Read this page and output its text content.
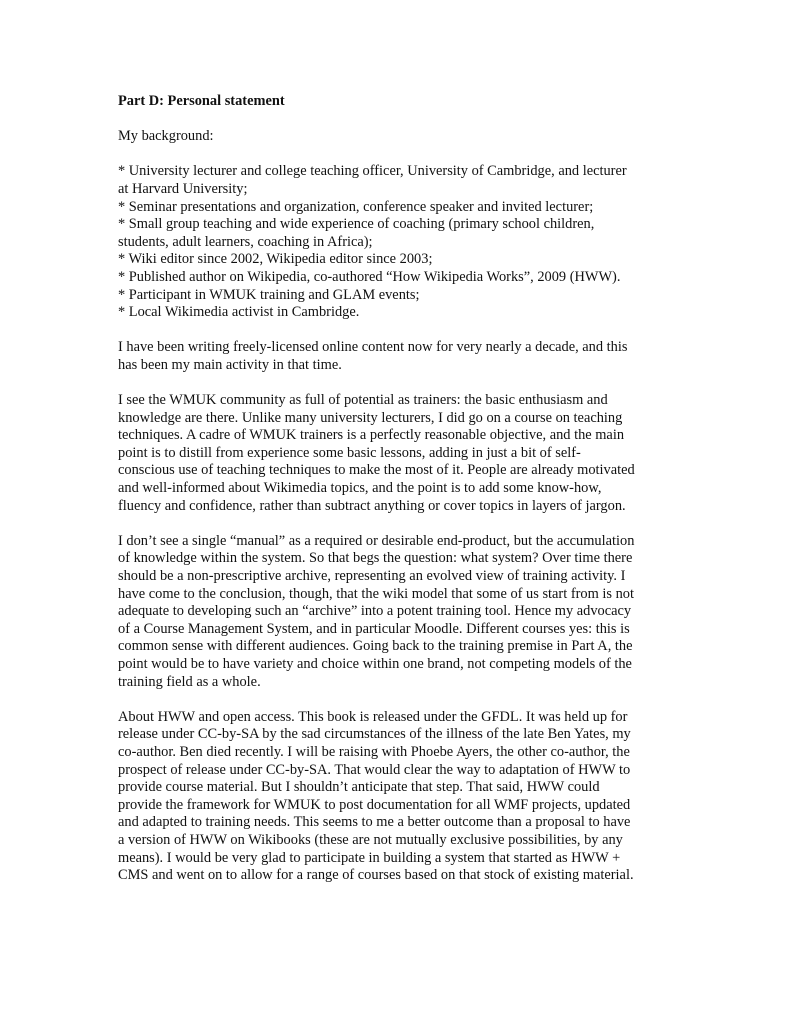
Part D: Personal statement
My background:
* University lecturer and college teaching officer, University of Cambridge, and lecturer
at Harvard University;
* Seminar presentations and organization, conference speaker and invited lecturer;
* Small group teaching and wide experience of coaching (primary school children,
students, adult learners, coaching in Africa);
* Wiki editor since 2002, Wikipedia editor since 2003;
* Published author on Wikipedia, co-authored “How Wikipedia Works”, 2009 (HWW).
* Participant in WMUK training and GLAM events;
* Local Wikimedia activist in Cambridge.
I have been writing freely-licensed online content now for very nearly a decade, and this
has been my main activity in that time.
I see the WMUK community as full of potential as trainers: the basic enthusiasm and
knowledge are there. Unlike many university lecturers, I did go on a course on teaching
techniques. A cadre of WMUK trainers is a perfectly reasonable objective, and the main
point is to distill from experience some basic lessons, adding in just a bit of self-
conscious use of teaching techniques to make the most of it. People are already motivated
and well-informed about Wikimedia topics, and the point is to add some know-how,
fluency and confidence, rather than subtract anything or cover topics in layers of jargon.
I don’t see a single “manual” as a required or desirable end-product, but the accumulation
of knowledge within the system. So that begs the question: what system? Over time there
should be a non-prescriptive archive, representing an evolved view of training activity. I
have come to the conclusion, though, that the wiki model that some of us start from is not
adequate to developing such an “archive” into a potent training tool. Hence my advocacy
of a Course Management System, and in particular Moodle. Different courses yes: this is
common sense with different audiences. Going back to the training premise in Part A, the
point would be to have variety and choice within one brand, not competing models of the
training field as a whole.
About HWW and open access. This book is released under the GFDL. It was held up for
release under CC-by-SA by the sad circumstances of the illness of the late Ben Yates, my
co-author. Ben died recently. I will be raising with Phoebe Ayers, the other co-author, the
prospect of release under CC-by-SA. That would clear the way to adaptation of HWW to
provide course material. But I shouldn’t anticipate that step. That said, HWW could
provide the framework for WMUK to post documentation for all WMF projects, updated
and adapted to training needs. This seems to me a better outcome than a proposal to have
a version of HWW on Wikibooks (these are not mutually exclusive possibilities, by any
means). I would be very glad to participate in building a system that started as HWW +
CMS and went on to allow for a range of courses based on that stock of existing material.
